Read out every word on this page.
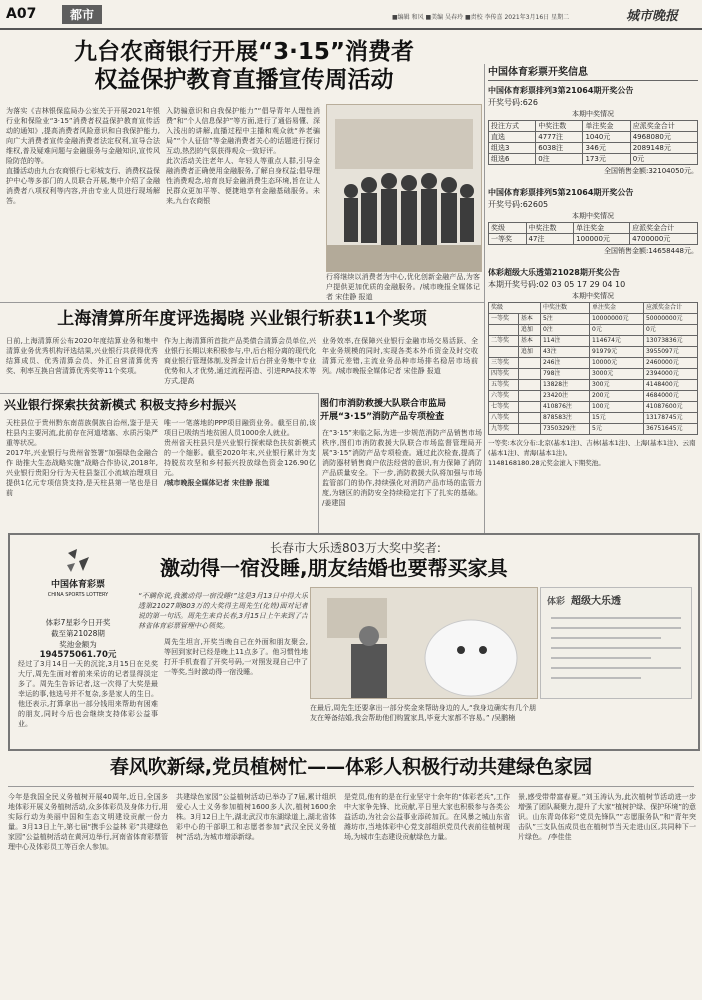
A07	都市	■编辑 和风 ■美编 吴春玲 ■责校 李传喜 2021年3月16日 星期二	城市晚报
九台农商银行开展“3·15”消费者
权益保护教育直播宣传周活动
为落实《吉林银保监局办公室关于开展2021年银行业和保险业“3·15”消费者权益保护教育宣传活动的通知》,提高消费者风险意识和自我保护能力,向广大消费者宣传金融消费者法定权利,宣导合法维权,普及疑难问题与金融服务与金融知识,宣传风险防范的等。
直播活动由九台农商银行七彩城支行、消费权益保护中心等多部门的人员联合开展,集中介绍了金融消费者八项权利等内容,并由专业人员进行现场解答。
入防骗意识和自我保护能力”“倡导青年人理性消费”和“个人信息保护”等方面,进行了通俗易懂、深入浅出的讲解,直播过程中主播和观众就“养老骗局”“个人征信”等金融消费者关心的话题进行探讨互动,热烈的气氛获得观众一致好评。
此次活动关注老年人、年轻人等重点人群,引导金融消费者正确使用金融服务,了解自身权益;倡导理性消费观念,培育良好金融消费生态环境,旨在让人民群众更加平等、便捷地享有金融基础服务。未来,九台农商银
行将继续以消费者为中心,优化创新金融产品,为客户提供更加优质的金融服务。/城市晚报全媒体记者 宋佳静 报道
中国体育彩票开奖信息
中国体育彩票排列3第21064期开奖公告
开奖号码:626
本期中奖情况
投注方式	中奖注数	单注奖金	应派奖金合计
直选	4777注	1040元	4968080元
组选3	6038注	346元	2089148元
组选6	0注	173元	0元
全国销售金额:32104050元。
中国体育彩票排列5第21064期开奖公告
开奖号码:62605
本期中奖情况
奖级	中奖注数	单注奖金	应派奖金合计
一等奖	47注	100000元	4700000元
全国销售金额:14658448元。
体彩超级大乐透第21028期开奖公告
本期开奖号码:02 03 05 17 29 04 10
本期中奖情况
奖级		中奖注数	单注奖金	应派奖金合计
一等奖	基本	5注	10000000元	50000000元
	追加	0注	0元	0元
二等奖	基本	114注	114674元	13073836元
	追加	43注	91979元	3955097元
三等奖		246注	10000元	2460000元
四等奖		798注	3000元	2394000元
五等奖		13828注	300元	4148400元
六等奖		23420注	200元	4684000元
七等奖		410876注	100元	41087600元
八等奖		878583注	15元	13178745元
九等奖		7350329注	5元	36751645元
一等奖:本次分布:北京(基本1注)、吉林(基本1注)、上海(基本1注)、云南(基本1注)、青海(基本1注)。
1148168180.28元奖金滚入下期奖池。
上海清算所年度评选揭晓 兴业银行斩获11个奖项
日前,上海清算所公布2020年度结算业务和集中清算业务优秀机构评选结果,兴业银行共获得优秀结算成员、优秀清算会员、外汇自营清算优秀奖、利率互换自营清算优秀奖等11个奖项。
作为上海清算所首批产品类债合清算会员单位,兴业银行长期以来积极参与,中,后台相分离的现代化商业银行管理体制,发挥金计后台拼业务集中专业优势和人才优势,通过流程再造、引进RPA技术等方式,提高
业务效率,在保障兴业银行金融市场交易活跃、全年业务规模的同时,实现各类本外币资金及时交收清算元差错,主流业务品种市场排名稳居市场前列。/城市晚报全媒体记者 宋佳静 报道
兴业银行探索扶贫新模式 积极支持乡村振兴
天柱县位于贵州黔东南苗族侗族自治州,鉴于是天柱县内主要河流,此前存在河道堵塞、水质污染严重等状况。
2017年,兴业银行与贵州省签署“加强绿色金融合作 助推大生态战略实施”战略合作协议,2018年,兴业银行贵阳分行为天柱县鉴江小流域治理项目提供1亿元专项信贷支持,是天柱县第一笔也是目前
唯一一笔落地的PPP项目融资业务。截至目前,该项目已吸纳当地贫困人员1000余人就业。
贵州省天柱县只是兴业银行探索绿色扶贫新模式的一个缩影。截至2020年末,兴业银行累计为支持脱贫攻坚和乡村振兴投放绿色资金126.90亿元。
/城市晚报全媒体记者 宋佳静 报道
图们市消防救援大队联合市监局
开展“3·15”消防产品专项检查
在“3·15”来临之际,为进一步规范消防产品销售市场秩序,图们市消防救援大队联合市场监督管理局开展“3·15”消防产品专项检查。通过此次检查,提高了消防器材销售商户依法经营的意识,有力保障了消防产品质量安全。下一步,消防救援大队将加强与市场监管部门的协作,持续强化对消防产品市场的监管力度,为辖区的消防安全持续稳定打下了扎实的基础。 /姜建国
长春市大乐透803万大奖中奖者:
激动得一宿没睡,朋友结婚也要帮买家具
中国体育彩票
CHINA SPORTS LOTTERY
体彩7星彩今日开奖
截至第21028期
奖池金额为
194575061.70元
“不瞒你说,我激动得一宿没睡!”这是3月13日中得大乐透第21027期803万的大奖得主周先生(化姓)面对记者说的第一句话。周先生来自长春,3月15日上午来到了吉林省体育彩票管理中心领奖。
体彩 超级大乐透
经过了3月14日一天的沉淀,3月15日在兑奖大厅,周先生面对着前来采访的记者显得淡定多了。周先生告诉记者,这一次得了大奖是最幸运的事,他选号并不复杂,多是家人的生日。他还表示,打算拿出一部分钱用来帮助有困难的朋友,同时今后也会继续支持体彩公益事业。
周先生坦言,开奖当晚自己在外面和朋友聚会,等回到家时已经是晚上11点多了。他习惯性地打开手机查看了开奖号码,一对照发现自己中了一等奖,当时激动得一宿没睡。
在最后,周先生还要拿出一部分奖金来帮助身边的人,“我身边确实有几个朋友在筹备结婚,我会帮助他们购置家具,毕竟大家都不容易。” /吴鹏楠
春风吹新绿,党员植树忙——体彩人积极行动共建绿色家园
今年是我国全民义务植树开展40周年,近日,全国多地体彩开展义务植树活动,众多体彩员及身体力行,用实际行动为美丽中国和生态文明建设贡献一份力量。3月13日上午,第七届“携手公益林 彩”共建绿色家园”公益植树活动在黄河边举行,河南省体育彩票管理中心及体彩员工等百余人参加。
共建绿色家园”公益植树活动已举办了7届,累计组织爱心人士义务参加植树1600多人次,植树1600余株。3月12日上午,湖北武汉市东湖绿道上,湖北省体彩中心的干部职工和志愿者参加“武汉全民义务植树”活动,为城市增添新绿。
是党员,他有的是在行业坚守十余年的“体彩老兵”,工作中大家争先锋、比贡献,平日里大家也积极参与各类公益活动,为社会公益事业添砖加瓦。在风暴之城山东省潍坊市,当地体彩中心党支部组织党员代表前往植树现场,为城市生态建设贡献绿色力量。
景,感受带带富春夏。”刘玉涛认为,此次植树节活动进一步增强了团队凝聚力,提升了大家“植树护绿、保护环境”的意识。山东青岛体彩“党员先锋队”“志愿服务队”和“青年突击队”三支队伍成员也在植树节当天走进山区,共同种下一片绿色。 /李佳佳
